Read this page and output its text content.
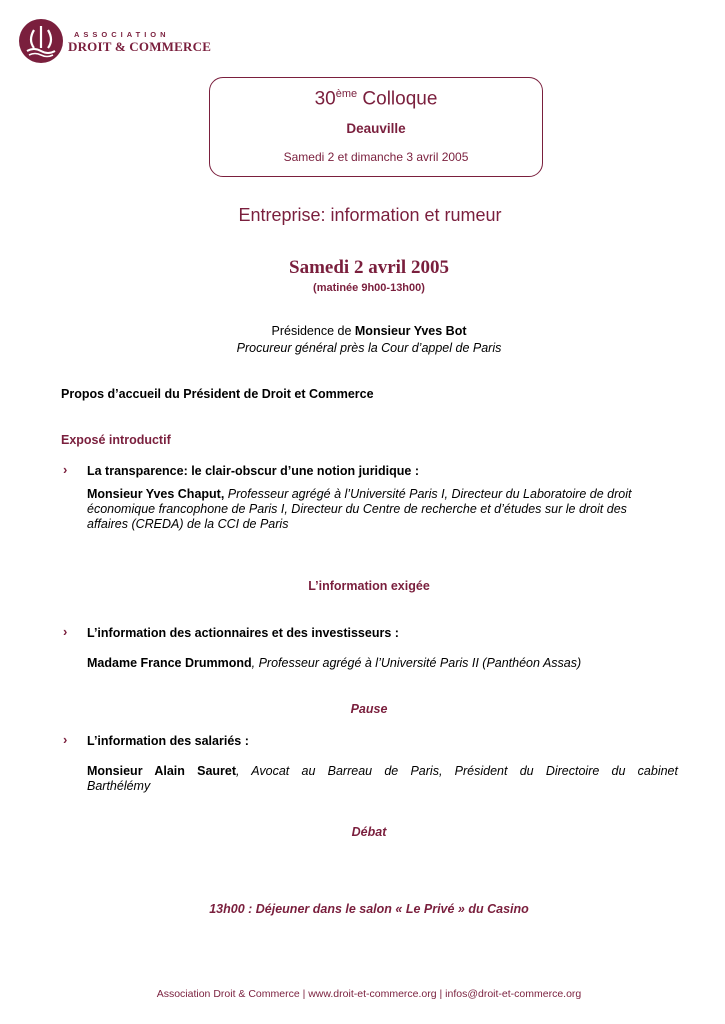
ASSOCIATION
DROIT & COMMERCE
30ème Colloque
Deauville
Samedi 2 et dimanche 3 avril 2005
Entreprise: information et rumeur
Samedi 2 avril 2005
(matinée 9h00-13h00)
Présidence de Monsieur Yves Bot
Procureur général près la Cour d’appel de Paris
Propos d’accueil du Président de Droit et Commerce
Exposé introductif
› La transparence: le clair-obscur d’une notion juridique :
Monsieur Yves Chaput, Professeur agrégé à l’Université Paris I, Directeur du Laboratoire de droit
économique francophone de Paris I, Directeur du Centre de recherche et d’études sur le droit des
affaires (CREDA) de la CCI de Paris
L’information exigée
› L’information des actionnaires et des investisseurs :
Madame France Drummond, Professeur agrégé à l’Université Paris II (Panthéon Assas)
Pause
› L’information des salariés :
Monsieur Alain Sauret, Avocat au Barreau de Paris, Président du Directoire du cabinet
Barthélémy
Débat
13h00 : Déjeuner dans le salon « Le Privé » du Casino
Association Droit & Commerce | www.droit-et-commerce.org | infos@droit-et-commerce.org
